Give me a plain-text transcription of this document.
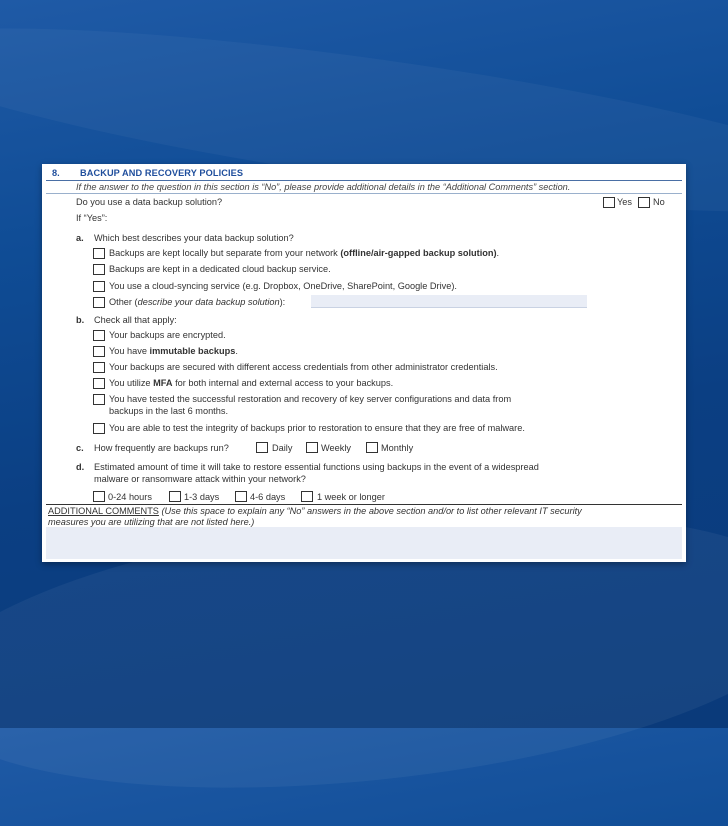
8. BACKUP AND RECOVERY POLICIES
If the answer to the question in this section is “No”, please provide additional details in the “Additional Comments” section.
Do you use a data backup solution?	Yes No
If “Yes”:
a. Which best describes your data backup solution?
Backups are kept locally but separate from your network (offline/air-gapped backup solution).
Backups are kept in a dedicated cloud backup service.
You use a cloud-syncing service (e.g. Dropbox, OneDrive, SharePoint, Google Drive).
Other (describe your data backup solution):
b. Check all that apply:
Your backups are encrypted.
You have immutable backups.
Your backups are secured with different access credentials from other administrator credentials.
You utilize MFA for both internal and external access to your backups.
You have tested the successful restoration and recovery of key server configurations and data from
backups in the last 6 months.
You are able to test the integrity of backups prior to restoration to ensure that they are free of malware.
c. How frequently are backups run?	Daily	Weekly	Monthly
d. Estimated amount of time it will take to restore essential functions using backups in the event of a widespread
malware or ransomware attack within your network?
0-24 hours	1-3 days	4-6 days	1 week or longer
ADDITIONAL COMMENTS (Use this space to explain any “No” answers in the above section and/or to list other relevant IT security
measures you are utilizing that are not listed here.)
